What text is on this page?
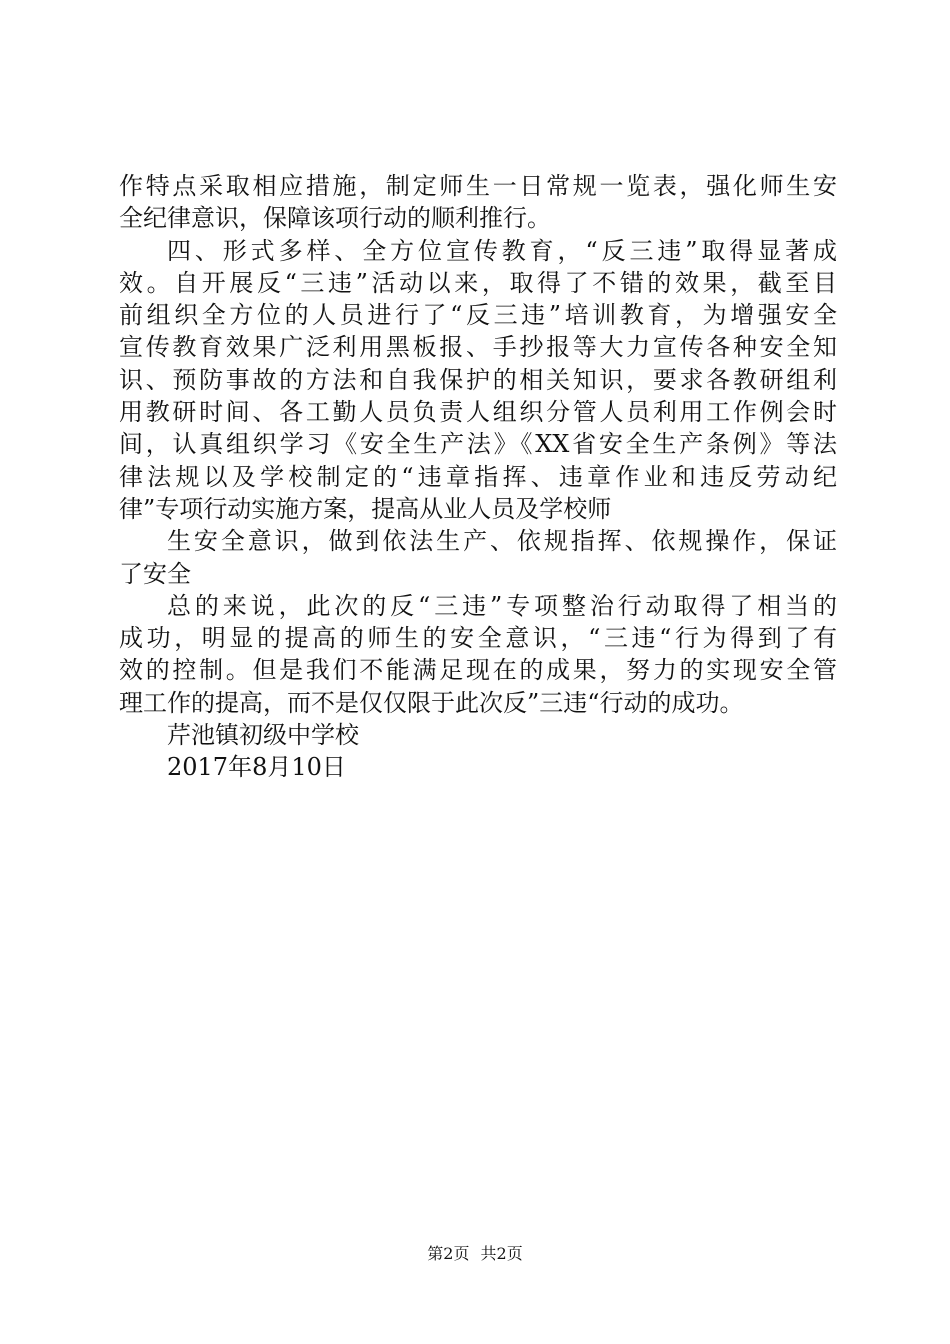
作特点采取相应措施，制定师生一日常规一览表，强化师生安
全纪律意识，保障该项行动的顺利推行。
四、形式多样、全方位宣传教育，“反三违”取得显著成
效。自开展反“三违”活动以来，取得了不错的效果，截至目
前组织全方位的人员进行了“反三违”培训教育，为增强安全
宣传教育效果广泛利用黑板报、手抄报等大力宣传各种安全知
识、预防事故的方法和自我保护的相关知识，要求各教研组利
用教研时间、各工勤人员负责人组织分管人员利用工作例会时
间，认真组织学习《安全生产法》《XX省安全生产条例》等法
律法规以及学校制定的“违章指挥、违章作业和违反劳动纪
律”专项行动实施方案，提高从业人员及学校师
生安全意识，做到依法生产、依规指挥、依规操作，保证
了安全
总的来说，此次的反“三违”专项整治行动取得了相当的
成功，明显的提高的师生的安全意识，“三违“行为得到了有
效的控制。但是我们不能满足现在的成果，努力的实现安全管
理工作的提高，而不是仅仅限于此次反”三违“行动的成功。
芹池镇初级中学校
2017年8月10日
第2页 共2页
